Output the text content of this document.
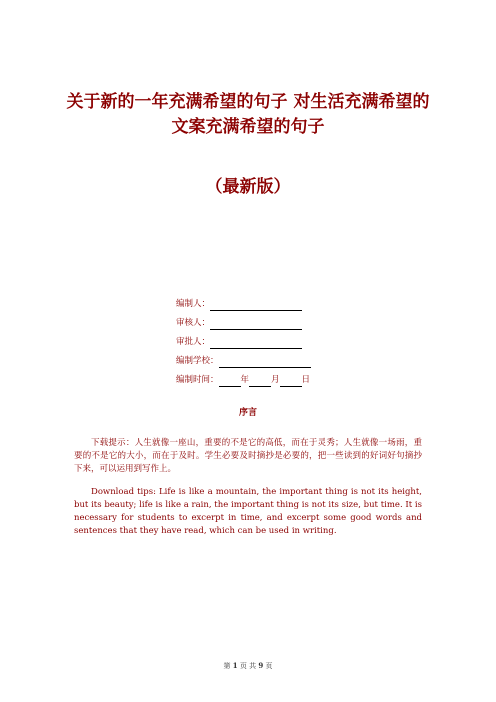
关于新的一年充满希望的句子 对生活充满希望的文案充满希望的句子
（最新版）
编制人：
审核人：
审批人：
编制学校：
编制时间：	年	月	日
序言

下载提示：人生就像一座山，重要的不是它的高低，而在于灵秀；人生就像一场雨，重要的不是它的大小，而在于及时。学生必要及时摘抄是必要的，把一些读到的好词好句摘抄下来，可以运用到写作上。

Download tips: Life is like a mountain, the important thing is not its height, but its beauty; life is like a rain, the important thing is not its size, but time. It is necessary for students to excerpt in time, and excerpt some good words and sentences that they have read, which can be used in writing.

第 1 页 共 9 页
